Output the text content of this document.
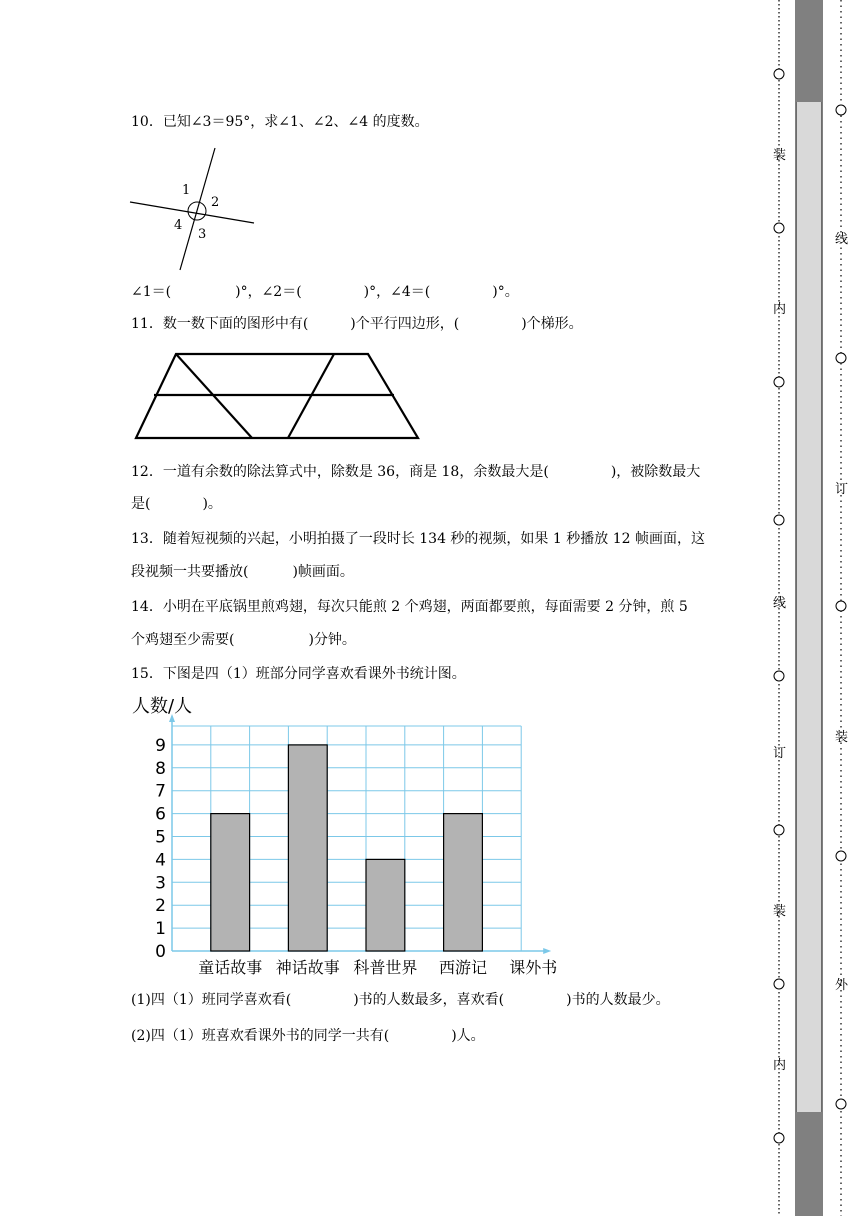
10．已知∠3＝95°，求∠1、∠2、∠4 的度数。
1
2
4
3
∠1＝(	)°，∠2＝(	)°，∠4＝(	)°。
11．数一数下面的图形中有(	)个平行四边形，(	)个梯形。
12．一道有余数的除法算式中，除数是 36，商是 18，余数最大是(	)，被除数最大
是(	)。
13．随着短视频的兴起，小明拍摄了一段时长 134 秒的视频，如果 1 秒播放 12 帧画面，这
段视频一共要播放(	)帧画面。
14．小明在平底锅里煎鸡翅，每次只能煎 2 个鸡翅，两面都要煎，每面需要 2 分钟，煎 5
个鸡翅至少需要(	)分钟。
15．下图是四（1）班部分同学喜欢看课外书统计图。
0
1
2
3
4
5
6
7
8
9
童话故事 神话故事 科普世界 西游记 课外书
人数/人
(1)四（1）班同学喜欢看(	)书的人数最多，喜欢看(	)书的人数最少。
(2)四（1）班喜欢看课外书的同学一共有(	)人。
装
内
线
订
装
内
线
订
装
外
